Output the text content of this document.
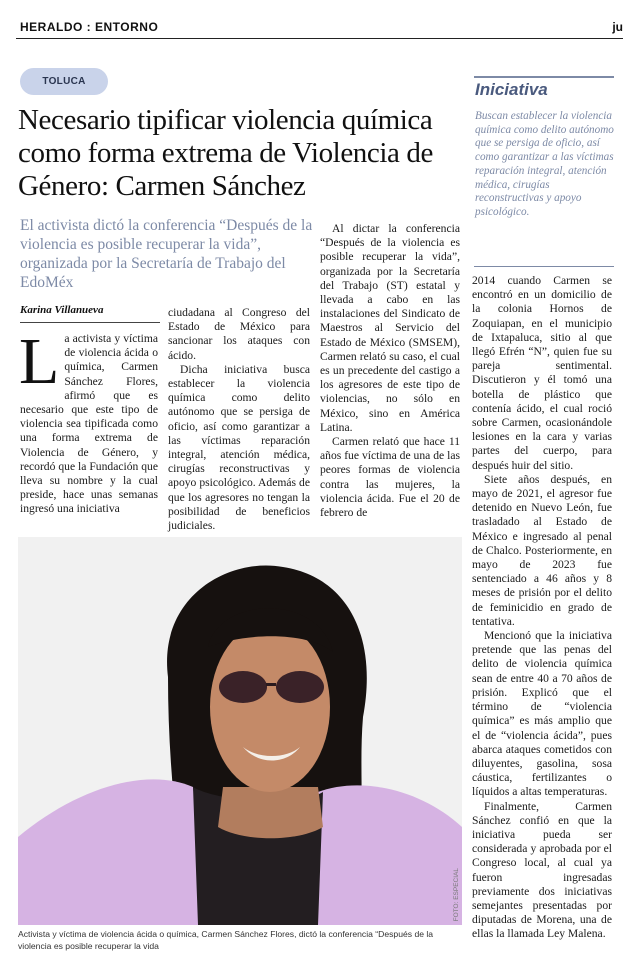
HERALDO : ENTORNO	ju
TOLUCA
Necesario tipificar violencia química como forma extrema de Violencia de Género: Carmen Sánchez
El activista dictó la conferencia “Después de la violencia es posible recuperar la vida”, organizada por la Secretaría de Trabajo del EdoMéx
Karina Villanueva
L a activista y víctima de violencia ácida o química, Carmen Sánchez Flores, afirmó que es necesario que este tipo de violencia sea tipificada como una forma extrema de Violencia de Género, y recordó que la Fundación que lleva su nombre y la cual preside, hace unas semanas ingresó una iniciativa

ciudadana al Congreso del Estado de México para sancionar los ataques con ácido.

Dicha iniciativa busca establecer la violencia química como delito autónomo que se persiga de oficio, así como garantizar a las víctimas reparación integral, atención médica, cirugías reconstructivas y apoyo psicológico. Además de que los agresores no tengan la posibilidad de beneficios judiciales.

Al dictar la conferencia “Después de la violencia es posible recuperar la vida”, organizada por la Secretaría del Trabajo (ST) estatal y llevada a cabo en las instalaciones del Sindicato de Maestros al Servicio del Estado de México (SMSEM), Carmen relató su caso, el cual es un precedente del castigo a los agresores de este tipo de violencias, no sólo en México, sino en América Latina.

Carmen relató que hace 11 años fue víctima de una de las peores formas de violencia contra las mujeres, la violencia ácida. Fue el 20 de febrero de

Iniciativa
Buscan establecer la violencia química como delito autónomo que se persiga de oficio, así como garantizar a las víctimas reparación integral, atención médica, cirugías reconstructivas y apoyo psicológico.

2014 cuando Carmen se encontró en un domicilio de la colonia Hornos de Zoquiapan, en el municipio de Ixtapaluca, sitio al que llegó Efrén “N”, quien fue su pareja sentimental. Discutieron y él tomó una botella de plástico que contenía ácido, el cual roció sobre Carmen, ocasionándole lesiones en la cara y varias partes del cuerpo, para después huir del sitio.

Siete años después, en mayo de 2021, el agresor fue detenido en Nuevo León, fue trasladado al Estado de México e ingresado al penal de Chalco. Posteriormente, en mayo de 2023 fue sentenciado a 46 años y 8 meses de prisión por el delito de feminicidio en grado de tentativa.

Mencionó que la iniciativa pretende que las penas del delito de violencia química sean de entre 40 a 70 años de prisión. Explicó que el término de “violencia química” es más amplio que el de “violencia ácida”, pues abarca ataques cometidos con diluyentes, gasolina, sosa cáustica, fertilizantes o líquidos a altas temperaturas.

Finalmente, Carmen Sánchez confió en que la iniciativa pueda ser considerada y aprobada por el Congreso local, al cual ya fueron ingresadas previamente dos iniciativas semejantes presentadas por diputadas de Morena, una de ellas la llamada Ley Malena.

FOTO: ESPECIAL
Activista y víctima de violencia ácida o química, Carmen Sánchez Flores, dictó la conferencia “Después de la violencia es posible recuperar la vida
